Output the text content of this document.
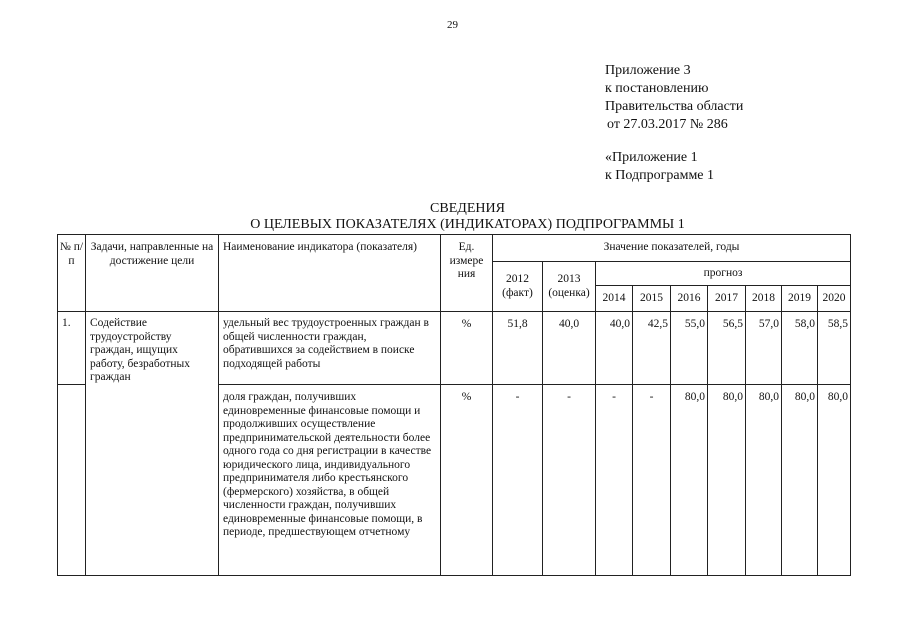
29
Приложение 3
к постановлению
Правительства области
от 27.03.2017 № 286
«Приложение 1
к Подпрограмме 1
СВЕДЕНИЯ
О ЦЕЛЕВЫХ ПОКАЗАТЕЛЯХ (ИНДИКАТОРАХ) ПОДПРОГРАММЫ 1
№ п/п	Задачи, направленные на достижение цели	Наименование индикатора (показателя)	Ед. измере ния	Значение показателей, годы								
				2012 (факт)	2013 (оценка)	прогноз						
						2014	2015	2016	2017	2018	2019	2020
1.	Содействие трудоустройству граждан, ищущих работу, безработных граждан	удельный вес трудоустроенных граждан в общей численности граждан, обратившихся за содействием в поиске подходящей работы	%	51,8	40,0	40,0	42,5	55,0	56,5	57,0	58,0	58,5
		доля граждан, получивших единовременные финансовые помощи и продолживших осуществление предпринимательской деятельности более одного года со дня регистрации в качестве юридического лица, индивидуального предпринимателя либо крестьянского (фермерского) хозяйства, в общей численности граждан, получивших единовременные финансовые помощи, в периоде, предшествующем отчетному	%	-	-	-	-	80,0	80,0	80,0	80,0	80,0
